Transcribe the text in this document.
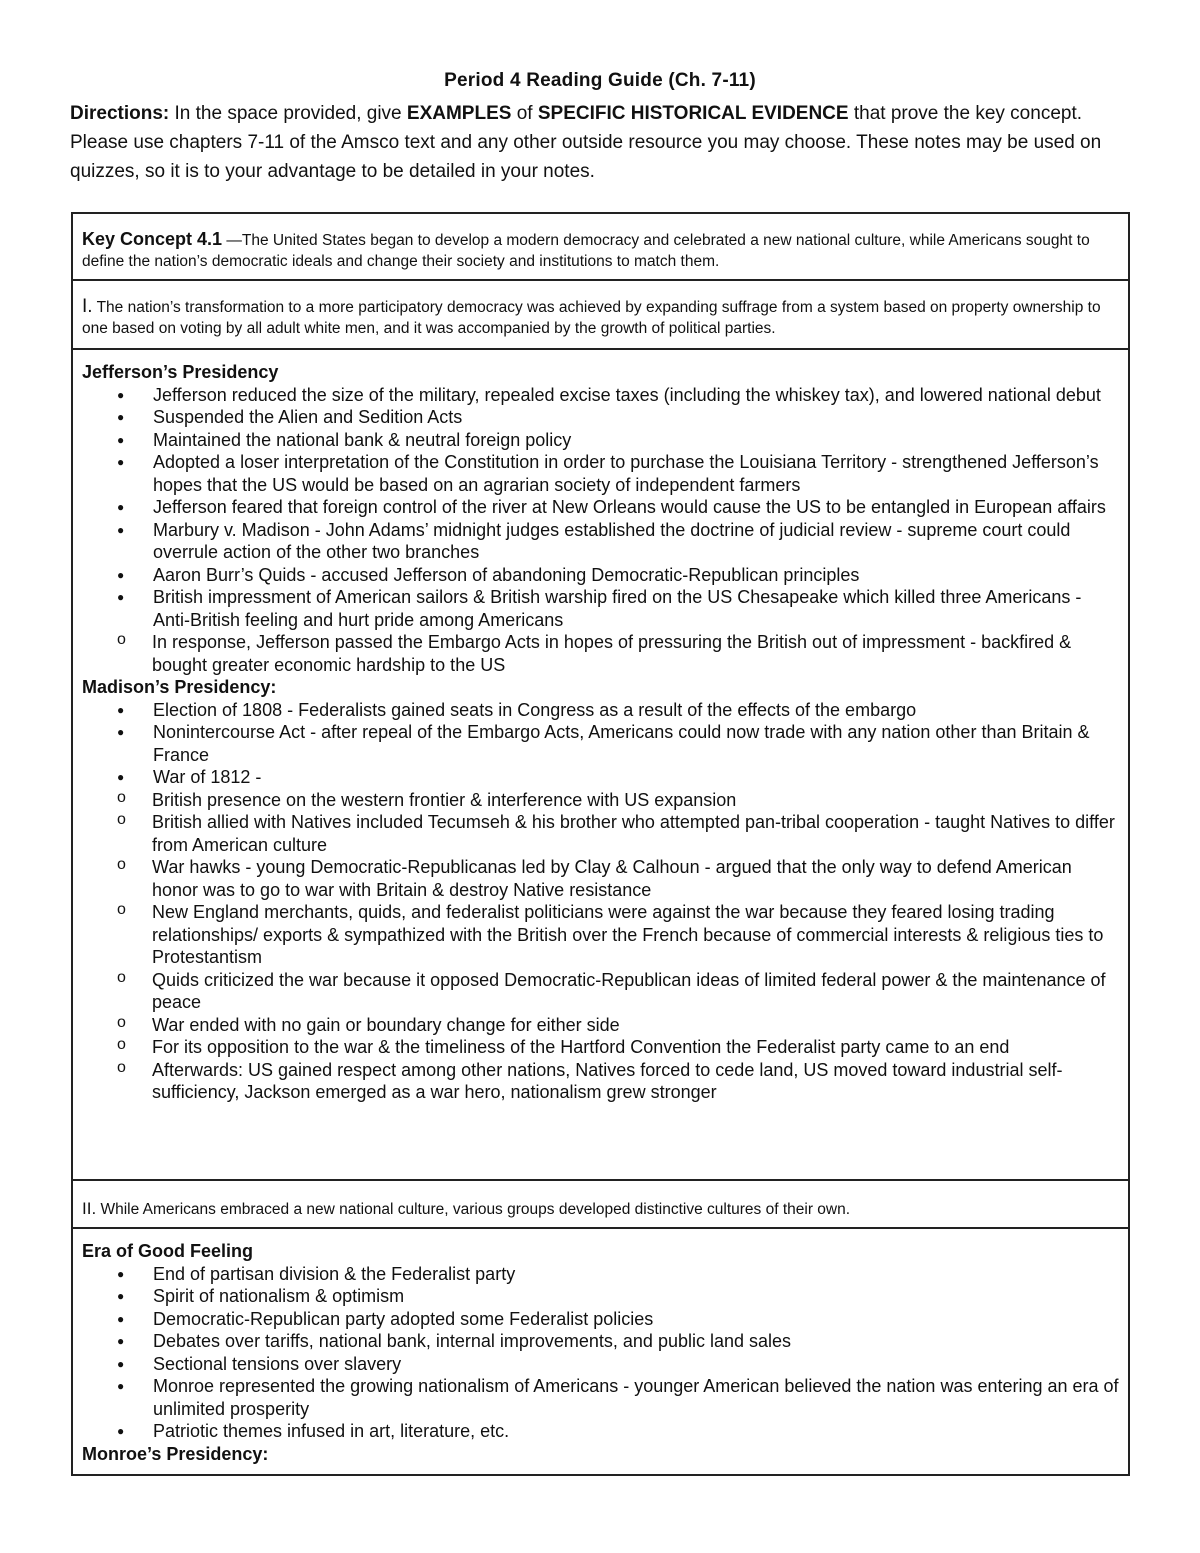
Period 4 Reading Guide (Ch. 7-11)
Directions: In the space provided, give EXAMPLES of SPECIFIC HISTORICAL EVIDENCE that prove the key concept. Please use chapters 7-11 of the Amsco text and any other outside resource you may choose. These notes may be used on quizzes, so it is to your advantage to be detailed in your notes.
Key Concept 4.1 —The United States began to develop a modern democracy and celebrated a new national culture, while Americans sought to define the nation’s democratic ideals and change their society and institutions to match them.
I. The nation’s transformation to a more participatory democracy was achieved by expanding suffrage from a system based on property ownership to one based on voting by all adult white men, and it was accompanied by the growth of political parties.
Jefferson’s Presidency
● Jefferson reduced the size of the military, repealed excise taxes (including the whiskey tax), and lowered national debut
● Suspended the Alien and Sedition Acts
● Maintained the national bank & neutral foreign policy
● Adopted a loser interpretation of the Constitution in order to purchase the Louisiana Territory - strengthened Jefferson’s hopes that the US would be based on an agrarian society of independent farmers
● Jefferson feared that foreign control of the river at New Orleans would cause the US to be entangled in European affairs
● Marbury v. Madison - John Adams’ midnight judges established the doctrine of judicial review - supreme court could overrule action of the other two branches
● Aaron Burr’s Quids - accused Jefferson of abandoning Democratic-Republican principles
● British impressment of American sailors & British warship fired on the US Chesapeake which killed three Americans - Anti-British feeling and hurt pride among Americans
o In response, Jefferson passed the Embargo Acts in hopes of pressuring the British out of impressment - backfired & bought greater economic hardship to the US
Madison’s Presidency:
● Election of 1808 - Federalists gained seats in Congress as a result of the effects of the embargo
● Nonintercourse Act - after repeal of the Embargo Acts, Americans could now trade with any nation other than Britain & France
● War of 1812 -
o British presence on the western frontier & interference with US expansion
o British allied with Natives included Tecumseh & his brother who attempted pan-tribal cooperation - taught Natives to differ from American culture
o War hawks - young Democratic-Republicanas led by Clay & Calhoun - argued that the only way to defend American honor was to go to war with Britain & destroy Native resistance
o New England merchants, quids, and federalist politicians were against the war because they feared losing trading relationships/ exports & sympathized with the British over the French because of commercial interests & religious ties to Protestantism
o Quids criticized the war because it opposed Democratic-Republican ideas of limited federal power & the maintenance of peace
o War ended with no gain or boundary change for either side
o For its opposition to the war & the timeliness of the Hartford Convention the Federalist party came to an end
o Afterwards: US gained respect among other nations, Natives forced to cede land, US moved toward industrial self-sufficiency, Jackson emerged as a war hero, nationalism grew stronger
II. While Americans embraced a new national culture, various groups developed distinctive cultures of their own.
Era of Good Feeling
● End of partisan division & the Federalist party
● Spirit of nationalism & optimism
● Democratic-Republican party adopted some Federalist policies
● Debates over tariffs, national bank, internal improvements, and public land sales
● Sectional tensions over slavery
● Monroe represented the growing nationalism of Americans - younger American believed the nation was entering an era of unlimited prosperity
● Patriotic themes infused in art, literature, etc.
Monroe’s Presidency:
